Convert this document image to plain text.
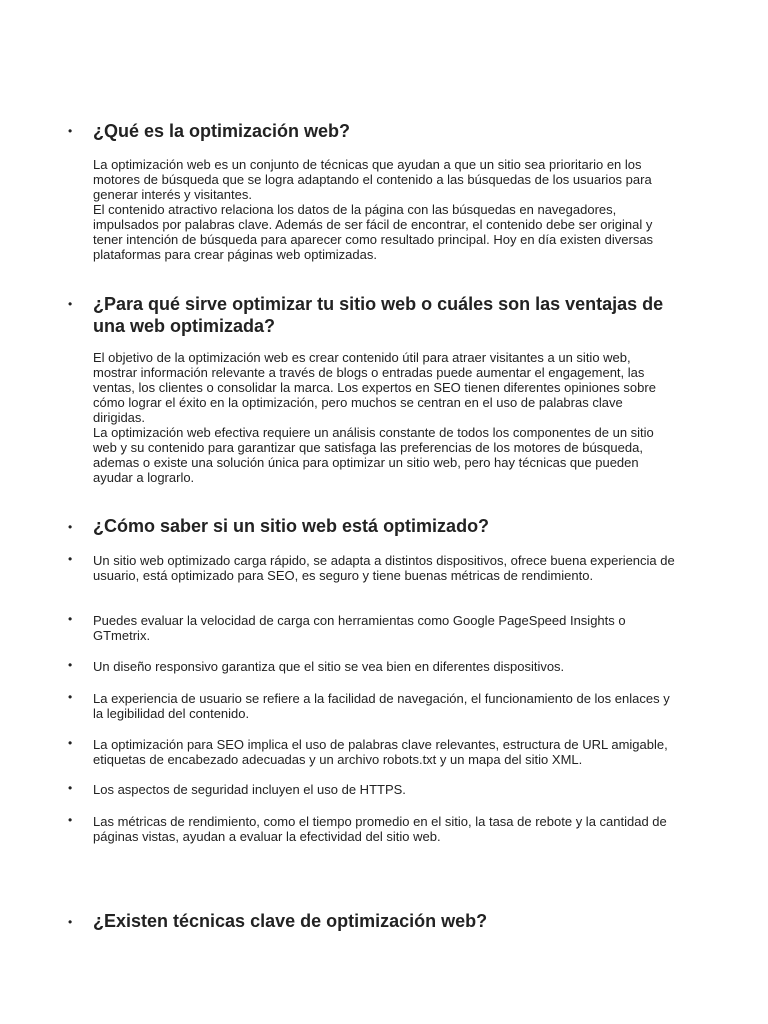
•	¿Qué es la optimización web?

La optimización web es un conjunto de técnicas que ayudan a que un sitio sea prioritario en los motores de búsqueda que se logra adaptando el contenido a las búsquedas de los usuarios para generar interés y visitantes.
El contenido atractivo relaciona los datos de la página con las búsquedas en navegadores, impulsados por palabras clave. Además de ser fácil de encontrar, el contenido debe ser original y tener intención de búsqueda para aparecer como resultado principal. Hoy en día existen diversas plataformas para crear páginas web optimizadas.

•	¿Para qué sirve optimizar tu sitio web o cuáles son las ventajas de una web optimizada?

El objetivo de la optimización web es crear contenido útil para atraer visitantes a un sitio web, mostrar información relevante a través de blogs o entradas puede aumentar el engagement, las ventas, los clientes o consolidar la marca. Los expertos en SEO tienen diferentes opiniones sobre cómo lograr el éxito en la optimización, pero muchos se centran en el uso de palabras clave dirigidas.
La optimización web efectiva requiere un análisis constante de todos los componentes de un sitio web y su contenido para garantizar que satisfaga las preferencias de los motores de búsqueda, ademas o existe una solución única para optimizar un sitio web, pero hay técnicas que pueden ayudar a lograrlo.

•	¿Cómo saber si un sitio web está optimizado?
•	Un sitio web optimizado carga rápido, se adapta a distintos dispositivos, ofrece buena experiencia de usuario, está optimizado para SEO, es seguro y tiene buenas métricas de rendimiento.

•	Puedes evaluar la velocidad de carga con herramientas como Google PageSpeed Insights o GTmetrix.

•	Un diseño responsivo garantiza que el sitio se vea bien en diferentes dispositivos.

•	La experiencia de usuario se refiere a la facilidad de navegación, el funcionamiento de los enlaces y la legibilidad del contenido.

•	La optimización para SEO implica el uso de palabras clave relevantes, estructura de URL amigable, etiquetas de encabezado adecuadas y un archivo robots.txt y un mapa del sitio XML.

•	Los aspectos de seguridad incluyen el uso de HTTPS.

•	Las métricas de rendimiento, como el tiempo promedio en el sitio, la tasa de rebote y la cantidad de páginas vistas, ayudan a evaluar la efectividad del sitio web.

•	¿Existen técnicas clave de optimización web?
